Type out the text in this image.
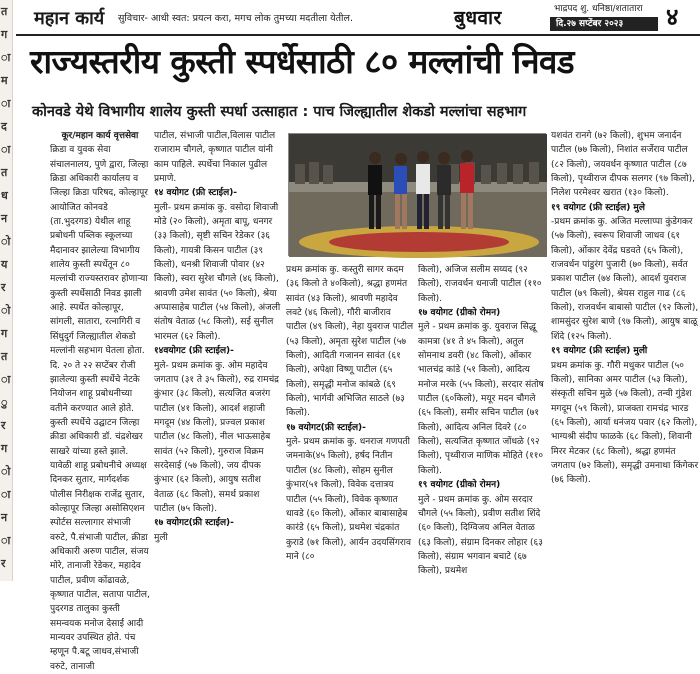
त
ग
ा
म
ा
द
ा
त
ध
न
ो
य
र
ो
ग
त
ा
ु
र
ग
ो
ा
न
ा
र
महान कार्य सुविचार- आधी स्वत: प्रयत्न करा, मगच लोक तुमच्या मदतीला येतील.	बुधवार	भाद्रपद शु. धनिष्ठा/शतातारा
दि.२७ सप्टेंबर २०२३	४
राज्यस्तरीय कुस्ती स्पर्धेसाठी ८० मल्लांची निवड
कोनवडे येथे विभागीय शालेय कुस्ती स्पर्धा उत्साहात : पाच जिल्ह्यातील शेकडो मल्लांचा सहभाग

कूर/महान कार्य वृत्तसेवा

क्रिडा व युवक सेवा संचालनालय, पुणे द्वारा, जिल्हा क्रिडा अधिकारी कार्यालय व जिल्हा क्रिडा परिषद, कोल्हापूर आयोजित कोनवडे (ता.भुदरगड) येथील शाहू प्रबोधनी पब्लिक स्कूलच्या मैदानावर झालेल्या विभागीय शालेय कुस्ती स्पर्धेतून ८० मल्लांची राज्यस्तरावर होणाऱ्या कुस्ती स्पर्धेसाठी निवड झाली आहे. स्पर्धेत कोल्हापूर, सांगली, सातारा, रत्नागिरी व सिंधुदुर्ग जिल्ह्यातील शेकडो मल्लांनी सहभाग घेतला होता. दि. २० ते २२ सप्टेंबर रोजी झालेल्या कुस्ती स्पर्धेचे नेटके नियोजन शाहू प्रबोधनीच्या वतीने करण्यात आले होते. कुस्ती स्पर्धेचे उद्घाटन जिल्हा क्रीडा अधिकारी डॉ. चंद्रशेखर साखरे यांच्या हस्ते झाले. यावेळी शाहू प्रबोधनीचे अध्यक्ष दिनकर सुतार, मार्गदर्शक पोलीस निरीक्षक राजेंद्र सुतार, कोल्हापूर जिल्हा असोसिएशन स्पोर्टस सल्लागार संभाजी वरुटे, पै.संभाजी पाटील, क्रीडा अधिकारी अरुण पाटील, संजय मोरे, तानाजी रेडेकर, महादेव पाटील, प्रवीण कोंढावळे, कृष्णात पाटील, सतापा पाटील, पुदरगड तालुका कुस्ती समन्वयक मनोज देसाई आदी मान्यवर उपस्थित होते. पंच म्हणून पै.बटू जाधव,संभाजी वरुटे, तानाजी

पाटील, संभाजी पाटील,विलास पाटील राजाराम चौगले, कृष्णात पाटील यांनी काम पाहिले. स्पर्धेचा निकाल पुढील प्रमाणे.

१४ वयोगट (फ्री स्टाईल)-

मुली- प्रथम क्रमांक कु. वसोदा शिवाजी मोडे (२० किलो), अमृता बापू, धनगर (३३ किलो), सृष्टी सचिन रेडेकर (३६ किलो), गायत्री किसन पाटील (३९ किलो), धनश्री शिवाजी पोवार (४२ किलो), स्वरा सुरेश चौगले (४६ किलो), श्रावणी उमेश सावंत (५० किलो), श्रेया अप्पासाहेब पाटील (५४ किलो), अंजली संतोष वेताळ (५८ किलो), सई सुनील भारमल (६२ किलो).

१४वयोगट (फ्री स्टाईल)-

मुले- प्रथम क्रमांक कु. ओम महादेव जगताप (३१ ते ३५ किलो), रुद्र रामचंद्र कुंभार (३८ किलो), सत्यजित बजरंग पाटील (४१ किलो), आदर्श शहाजी मगदूम (४४ किलो), प्रज्वल प्रकाश पाटील (४८ किलो), नील भाऊसाहेब सावंत (५२ किलो), गुरुराज विक्रम सरदेसाई (५७ किलो), जय दीपक कुंभार (६२ किलो), आयुष सतीश वेताळ (६८ किलो), समर्थ प्रकाश पाटील (७५ किलो).

१७ वयोगट(फ्री स्टाईल)-

मुली

प्रथम क्रमांक कु. कस्तुरी सागर कदम (३६ किलो ते ४०किलो), श्रद्धा हणमंत सावंत (४३ किलो), श्रावणी महादेव लवटे (४६ किलो), गौरी बाजीराव पाटील (४९ किलो), नेहा युवराज पाटील (५३ किलो), अमृता सुरेश पाटील (५७ किलो), आदिती गजानन सावंत (६१ किलो), अपेक्षा विष्णू पाटील (६५ किलो), समृद्धी मनोज कांबळे (६९ किलो), भार्गवी अभिजित साठले (७३ किलो).

१७ वयोगट(फ्री स्टाईल)-

मुले- प्रथम क्रमांक कु. धनराज गणपती जमनाके(४५ किलो), हर्षद नितीन पाटील (४८ किलो), सोहम सुनील कुंभार(५१ किलो), विवेक दत्तात्रय पाटील (५५ किलो), विवेक कृष्णात धावडे (६० किलो), ओंकार बाबासाहेब कारंडे (६५ किलो), प्रथमेश चंद्रकांत कुराडे (७१ किलो), आर्यन उदयसिंगराव माने (८०

किलो), अजिज सलीम सय्यद (९२ किलो), राजवर्धन धनाजी पाटील (११० किलो).

१७ वयोगट (ग्रीको रोमन)

मुले - प्रथम क्रमांक कु. युवराज सिद्धू कामत्रा (४१ ते ४५ किलो), अतुल सोमनाथ डवरी (४८ किलो), ओंकार भालचंद्र कांडे (५१ किलो), आदित्य मनोज मरके (५५ किलो), सरदार संतोष पाटील (६०किलो), मयूर मदन चौगले (६५ किलो), समीर सचिन पाटील (७१ किलो), आदित्य अनिल दिवरे (८० किलो), सत्यजित कृष्णात जोंधळे (९२ किलो), पृथ्वीराज माणिक मोहिते (११० किलो).

१९ वयोगट (ग्रीको रोमन)

मुले - प्रथम क्रमांक कु. ओम सरदार चौगले (५५ किलो), प्रवीण सतीश शिंदे (६० किलो), दिग्विजय अनिल वेताळ (६३ किलो), संग्राम दिनकर लोहार (६३ किलो), संग्राम भगवान बचाटे (६७ किलो), प्रथमेश

यशवंत रानगे (७२ किलो), शुभम जनार्दन पाटील (७७ किलो), निशांत सर्जेराव पाटील (८२ किलो), जयवर्धन कृष्णात पाटील (८७ किलो), पृथ्वीराज दीपक सलगर (९७ किलो), निलेश परमेश्वर खरात (१३० किलो).

१९ वयोगट (फ्री स्टाईल) मुले

-प्रथम क्रमांक कु. अजित मल्लाप्पा कुंडेगकर (५७ किलो), स्वरूप शिवाजी जाधव (६१ किलो), ओंकार देवेंद्र घडवते (६५ किलो), राजवर्धन पांडुरंग पुजारी (७० किलो), सर्वत प्रकाश पाटील (७४ किलो), आदर्श युवराज पाटील (७९ किलो), श्रेयस राहुल गाढ (८६ किलो), राजवर्धन बाबासो पाटील (९२ किलो), शामसुंदर सुरेश बाणे (९७ किलो), आयुष बाळू शिंदे (१२५ किलो).

१९ वयोगट (फ्री स्टाईल) मुली

प्रथम क्रमांक कु. गौरी मधुकर पाटील (५० किलो), सानिका अमर पाटील (५३ किलो), संस्कृती सचिन मुळे (५७ किलो), तन्वी गुंडेश मगदूम (५९ किलो), प्राजक्ता रामचंद्र भारड (६५ किलो), आर्या धनंजय पवार (६२ किलो), भाग्यश्री संदीप फाळके (६८ किलो), शिवानी मिरर मेटकर (६८ किलो), श्रद्धा हणमंत जगताप (७२ किलो), समृद्धी उमनाथा किंगेकर (७६ किलो).
